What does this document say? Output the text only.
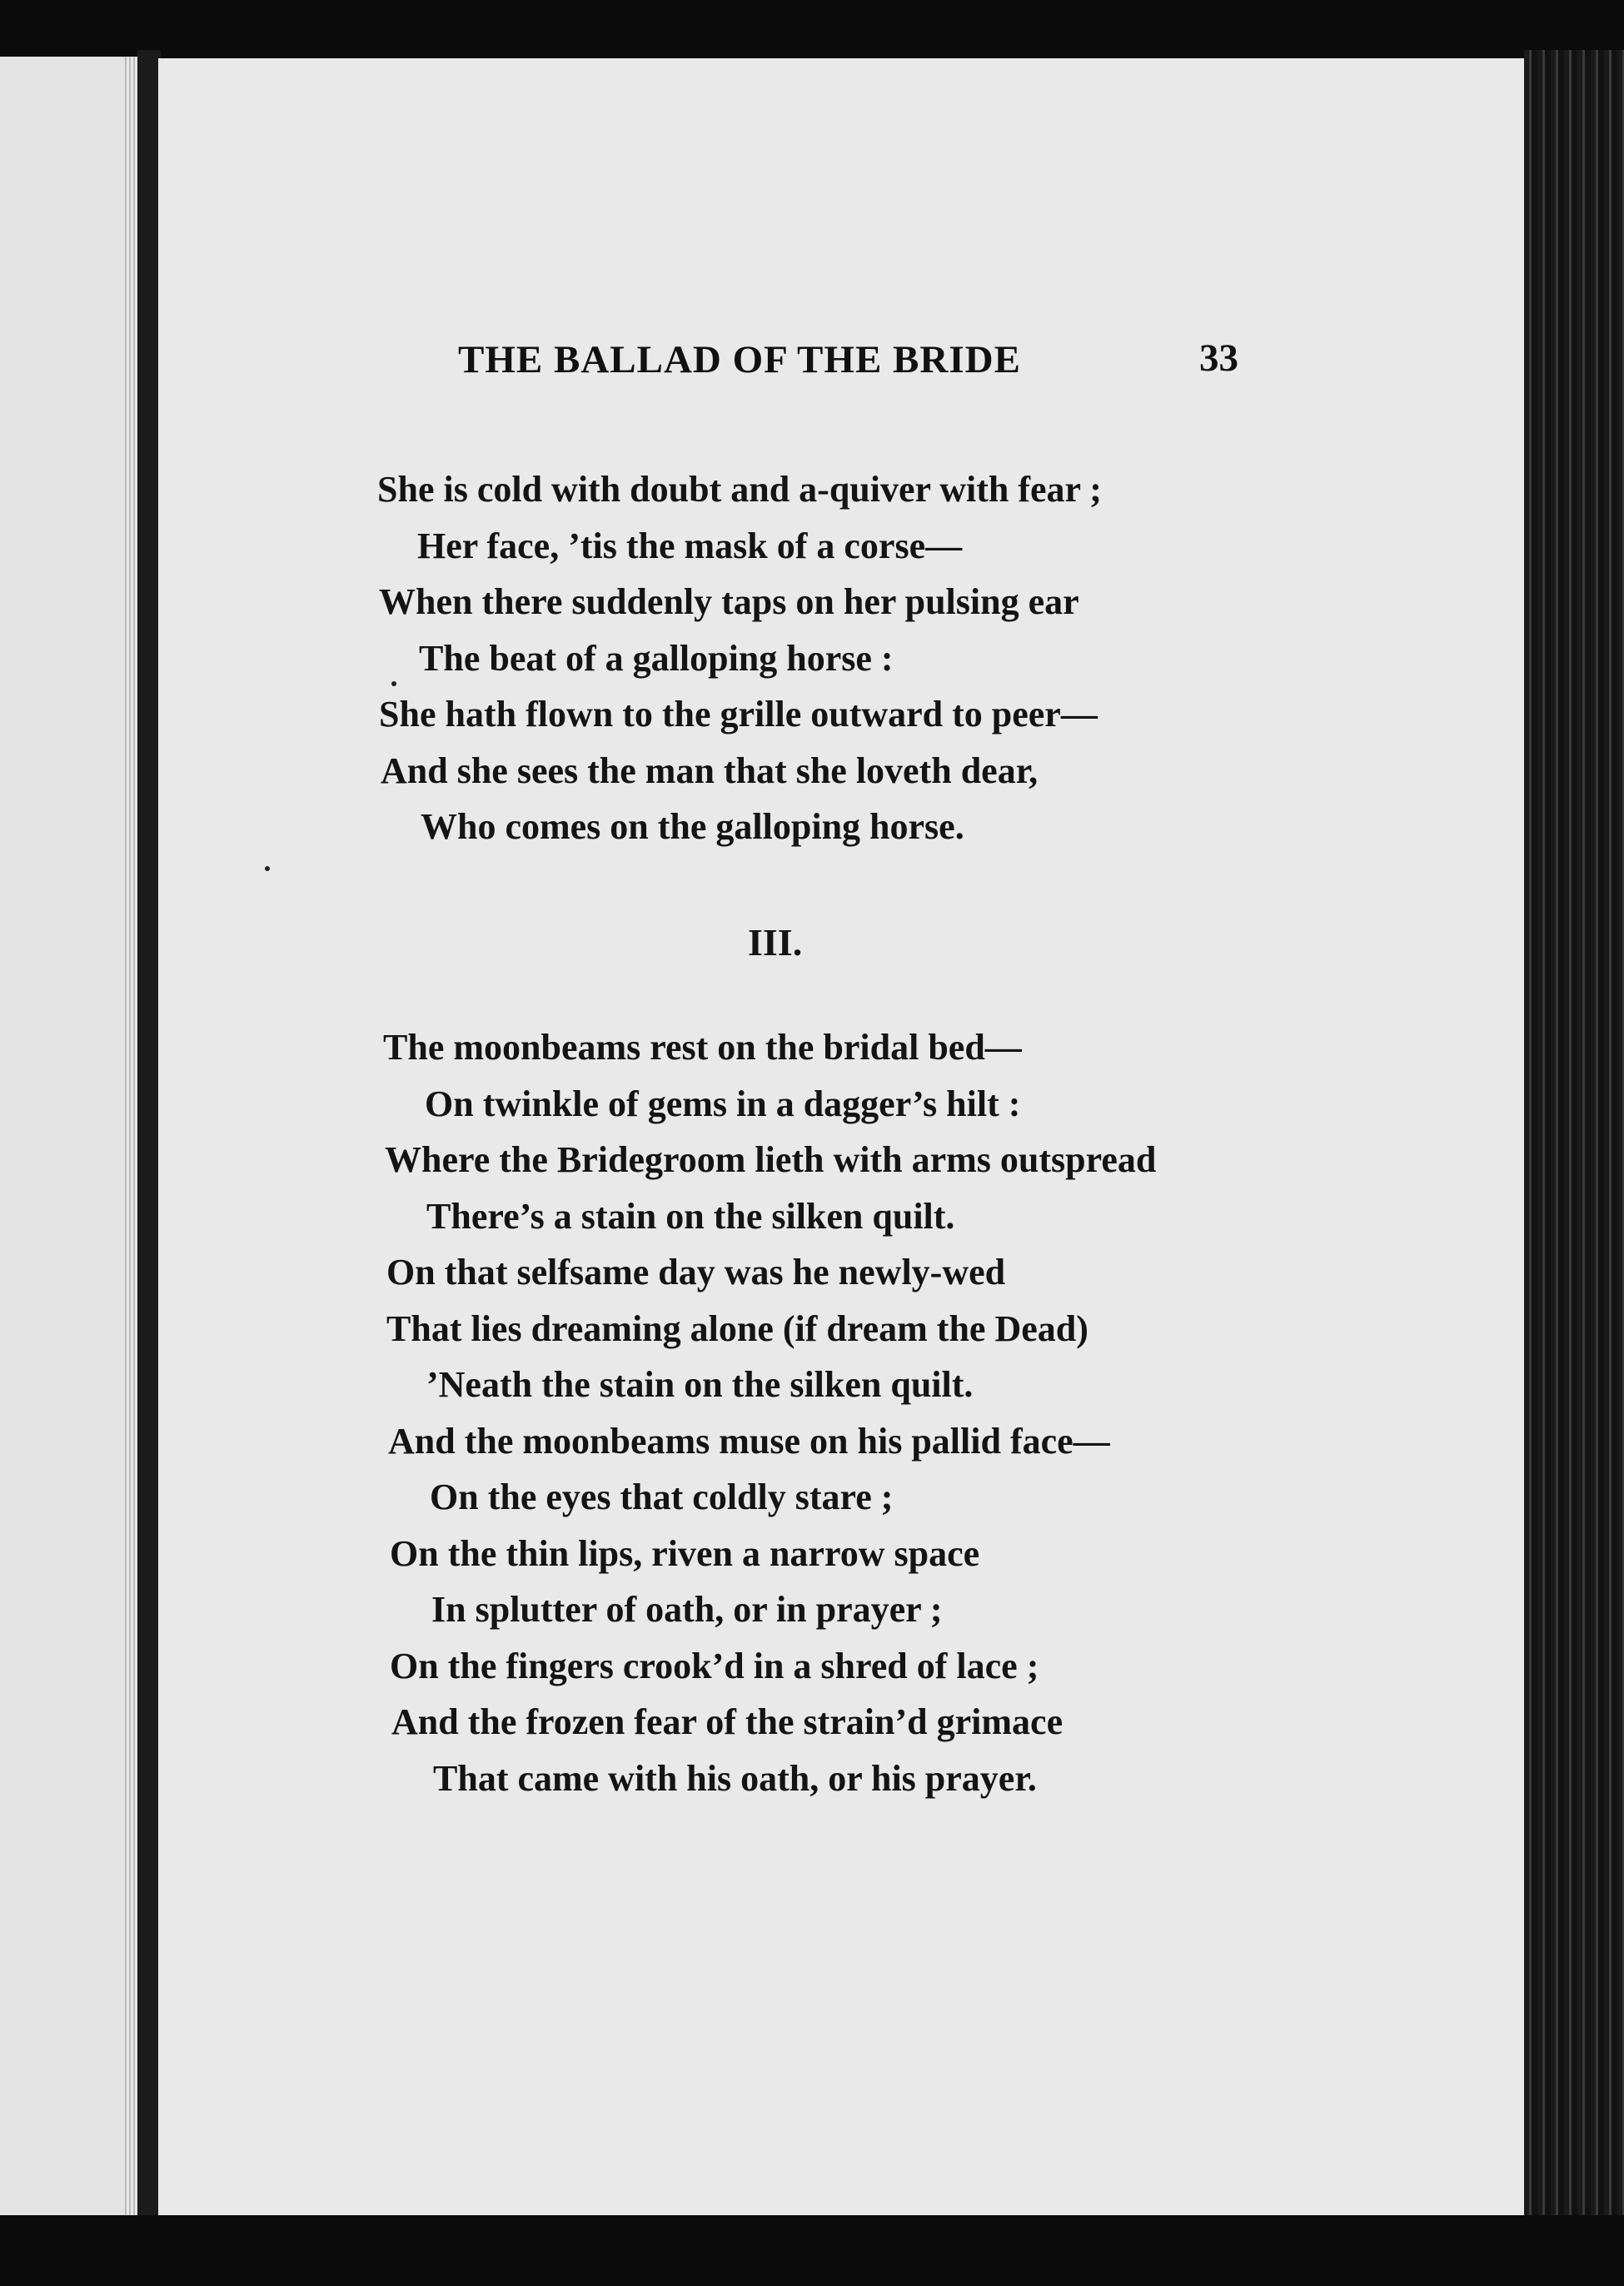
THE BALLAD OF THE BRIDE	33
She is cold with doubt and a-quiver with fear ;
Her face, ’tis the mask of a corse—
When there suddenly taps on her pulsing ear
The beat of a galloping horse :
She hath flown to the grille outward to peer—
And she sees the man that she loveth dear,
Who comes on the galloping horse.
III.
The moonbeams rest on the bridal bed—
On twinkle of gems in a dagger’s hilt :
Where the Bridegroom lieth with arms outspread
There’s a stain on the silken quilt.
On that selfsame day was he newly-wed
That lies dreaming alone (if dream the Dead)
’Neath the stain on the silken quilt.
And the moonbeams muse on his pallid face—
On the eyes that coldly stare ;
On the thin lips, riven a narrow space
In splutter of oath, or in prayer ;
On the fingers crook’d in a shred of lace ;
And the frozen fear of the strain’d grimace
That came with his oath, or his prayer.
